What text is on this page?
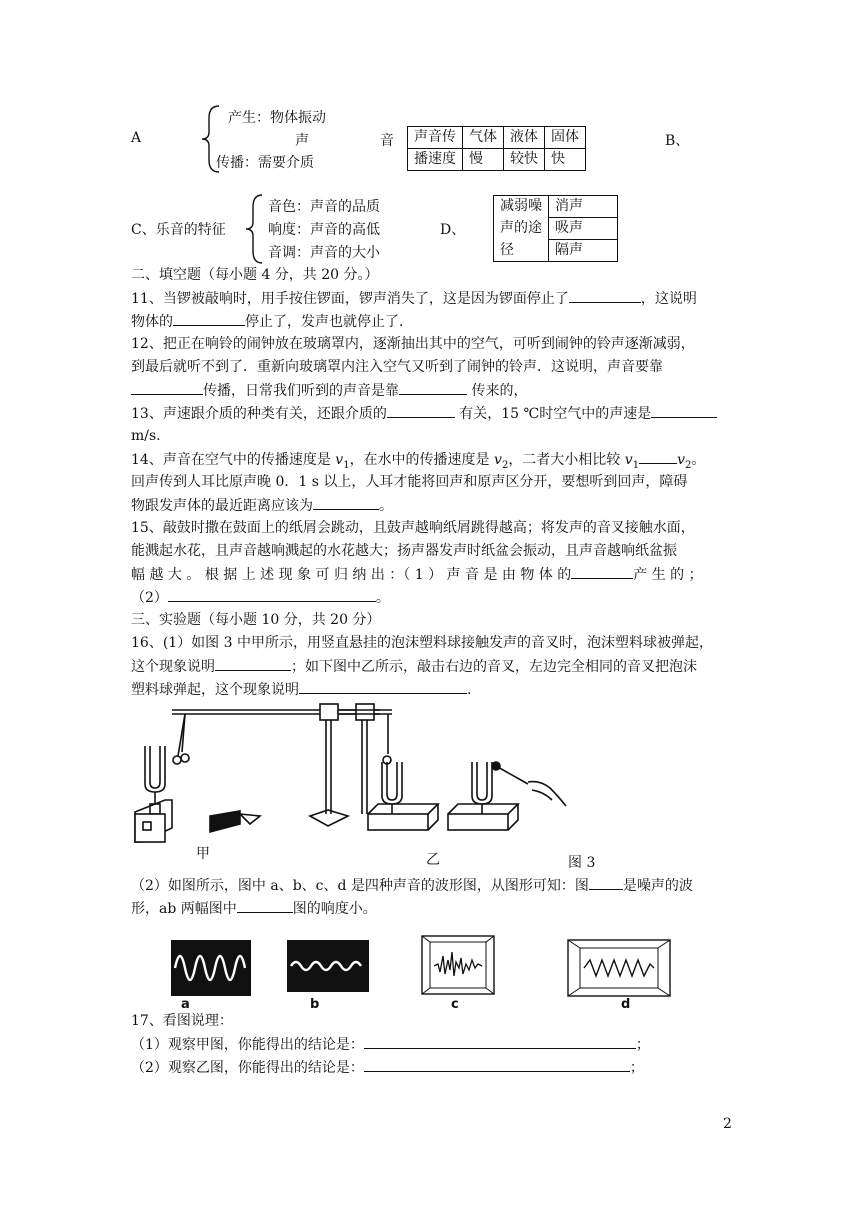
A
产生：物体振动
声	音
传播：需要介质
声音传	气体	液体	固体
播速度	慢	较快	快
B、
C、乐音的特征
音色：声音的品质
响度：声音的高低
音调：声音的大小
D、
减弱噪	消声
声的途	吸声
径	隔声
二、填空题（每小题 4 分，共 20 分。）
11、当锣被敲响时，用手按住锣面，锣声消失了，这是因为锣面停止了	，这说明
物体的	停止了，发声也就停止了．
12、把正在响铃的闹钟放在玻璃罩内，逐渐抽出其中的空气，可听到闹钟的铃声逐渐减弱，
到最后就听不到了．重新向玻璃罩内注入空气又听到了闹钟的铃声．这说明，声音要靠
传播，日常我们听到的声音是靠	传来的，
13、声速跟介质的种类有关，还跟介质的	有关，15 ℃时空气中的声速是
m/s.
14、声音在空气中的传播速度是 $v_1$，在水中的传播速度是 $v_2$，二者大小相比较 $v_1$	$v_2$。
回声传到人耳比原声晚 0．1 s 以上，人耳才能将回声和原声区分开，要想听到回声，障碍
物跟发声体的最近距离应该为	。
15、敲鼓时撒在鼓面上的纸屑会跳动，且鼓声越响纸屑跳得越高；将发声的音叉接触水面，
能溅起水花，且声音越响溅起的水花越大；扬声器发声时纸盆会振动，且声音越响纸盆振
幅 越 大 。 根 据 上 述 现 象 可 归 纳 出 ：（ 1 ） 声 音 是 由 物 体 的	产 生 的 ；
（2）	。
三、实验题（每小题 10 分，共 20 分）
16、(1）如图 3 中甲所示，用竖直悬挂的泡沫塑料球接触发声的音叉时，泡沫塑料球被弹起，
这个现象说明	；如下图中乙所示，敲击右边的音叉，左边完全相同的音叉把泡沫
塑料球弹起，这个现象说明	.
甲	乙	图 3
（2）如图所示，图中 a、b、c、d 是四种声音的波形图，从图形可知：图 是噪声的波
形，ab 两幅图中	图的响度小。
a	b	c	d
17、看图说理：
（1）观察甲图，你能得出的结论是：	；
（2）观察乙图，你能得出的结论是：	；
2
